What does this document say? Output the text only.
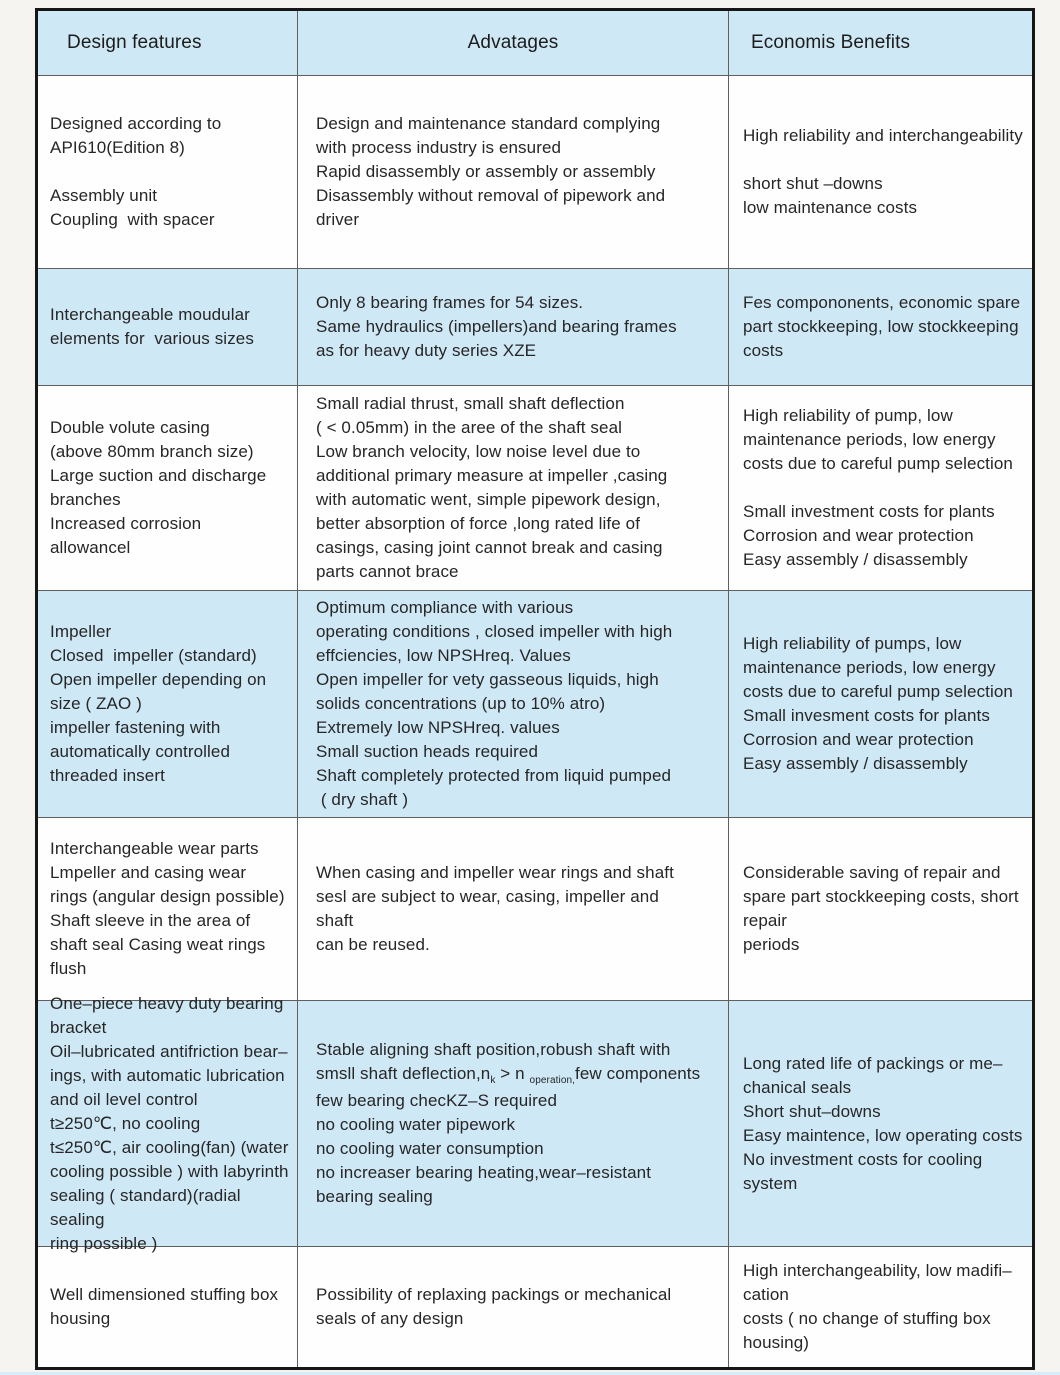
Design features	Advatages	Economis Benefits
Designed according to
API610(Edition 8)

Assembly unit
Coupling  with spacer
Design and maintenance standard complying
with process industry is ensured
Rapid disassembly or assembly or assembly
Disassembly without removal of pipework and
driver
High reliability and interchangeability

short shut –downs
low maintenance costs
Interchangeable moudular
elements for  various sizes
Only 8 bearing frames for 54 sizes.
Same hydraulics (impellers)and bearing frames
as for heavy duty series XZE
Fes compononents, economic spare
part stockkeeping, low stockkeeping
costs
Double volute casing
(above 80mm branch size)
Large suction and discharge
branches
Increased corrosion
allowancel
Small radial thrust, small shaft deflection
( < 0.05mm) in the aree of the shaft seal
Low branch velocity, low noise level due to
additional primary measure at impeller ,casing
with automatic went, simple pipework design,
better absorption of force ,long rated life of
casings, casing joint cannot break and casing
parts cannot brace
High reliability of pump, low
maintenance periods, low energy
costs due to careful pump selection

Small investment costs for plants
Corrosion and wear protection
Easy assembly / disassembly
Impeller
Closed  impeller (standard)
Open impeller depending on
size ( ZAO )
impeller fastening with
automatically controlled
threaded insert
Optimum compliance with various
operating conditions , closed impeller with high
effciencies, low NPSHreq. Values
Open impeller for vety gasseous liquids, high
solids concentrations (up to 10% atro)
Extremely low NPSHreq. values
Small suction heads required
Shaft completely protected from liquid pumped
( dry shaft )
High reliability of pumps, low
maintenance periods, low energy
costs due to careful pump selection
Small invesment costs for plants
Corrosion and wear protection
Easy assembly / disassembly
Interchangeable wear parts
Lmpeller and casing wear
rings (angular design possible)
Shaft sleeve in the area of
shaft seal Casing weat rings
flush
When casing and impeller wear rings and shaft
sesl are subject to wear, casing, impeller and
shaft
can be reused.
Considerable saving of repair and
spare part stockkeeping costs, short
repair
periods
One–piece heavy duty bearing
bracket
Oil–lubricated antifriction bear–
ings, with automatic lubrication
and oil level control
t≥250℃, no cooling
t≤250℃, air cooling(fan) (water
cooling possible ) with labyrinth
sealing ( standard)(radial sealing
ring possible )
Stable aligning shaft position,robush shaft with
smsll shaft $deflection,n_k > n$ $_{operation,}$few components
few bearing checKZ–S required
no cooling water pipework
no cooling water consumption
no increaser bearing heating,wear–resistant
bearing sealing
Long rated life of packings or me–
chanical seals
Short shut–downs
Easy maintence, low operating costs
No investment costs for cooling
system
Well dimensioned stuffing box
housing
Possibility of replaxing packings or mechanical
seals of any design
High interchangeability, low madifi–
cation
costs ( no change of stuffing box
housing)
